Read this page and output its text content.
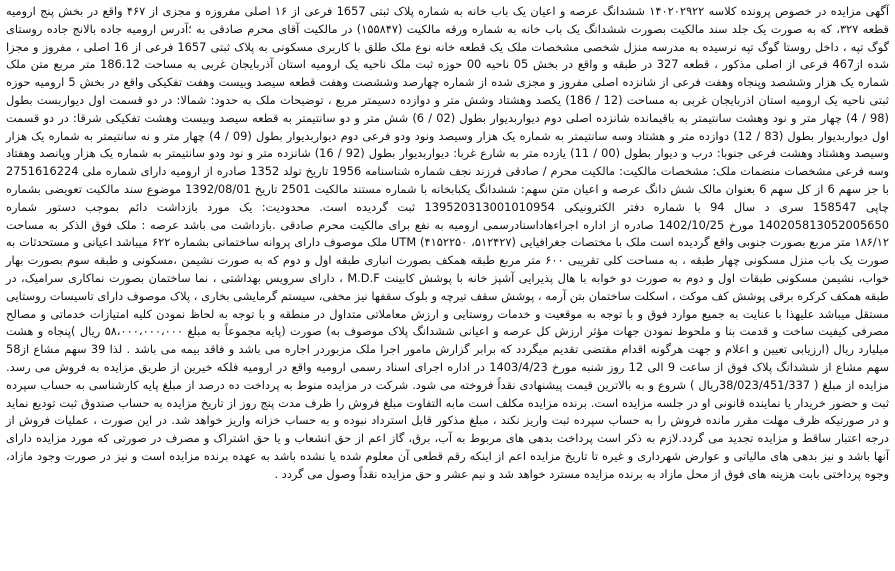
آگهی مزایده در خصوص پرونده کلاسه ۱۴۰۲۰۲۹۲۲ ششدانگ عرصه و اعیان یک باب خانه به شماره پلاک ثبتی 1657 فرعی از ۱۶ اصلی مفروزه و مجزی از ۴۶۷ واقع در بخش پنج ارومیه قطعه ۳۲۷، که به صورت یک جلد سند مالکیت بصورت ششدانگ یک باب خانه به شماره ورقه مالکیت (۱۵۵۸۴۷) در مالکیت آقای محرم صادقی به ؛آدرس ارومیه جاده بالانج جاده روستای گوگ تپه ، داخل روستا گوگ تپه نرسیده به مدرسه منزل شخصی مشخصات ملک یک قطعه خانه نوع ملک طلق با کاربری مسکونی به پلاک ثبتی 1657 فرعی از 16 اصلی ، مفروز و مجزا شده از467 فرعی از اصلی مذکور ، قطعه 327 در طبقه و واقع در بخش 05 ناحیه 00 حوزه ثبت ملک ناحیه یک ارومیه استان آذربایجان غربی به مساحت 186.12 متر مربع متن ملک شماره یک هزار وششصد وپنجاه وهفت فرعی از شانزده اصلی مفروز و مجزی شده از شماره چهارصد وششصت وهفت قطعه سیصد وبیست وهفت تفکیکی واقع در بخش 5 ارومیه حوزه ثبتی ناحیه یک ارومیه استان اذربایجان غربی به مساحت (12 / 186) یکصد وهشتاد وشش متر و دوازده دسیمتر مربع ، توضیحات ملک به حدود: شمالا: در دو قسمت اول دیواربست بطول (98 / 4) چهار متر و نود وهشت سانتیمتر به باقیمانده شانزده اصلی دوم دیواربدیوار بطول (02 / 6) شش متر و دو سانتیمتر به قطعه سیصد وبیست وهشت تفکیکی شرقا: در دو قسمت اول دیواربدیوار بطول (83 / 12) دوازده متر و هشتاد وسه سانتیمتر به شماره یک هزار وسیصد ونود ودو فرعی دوم دیواربدیوار بطول (09 / 4) چهار متر و نه سانتیمتر به شماره یک هزار وسیصد وهشتاد وهشت فرعی جنوبا: درب و دیوار بطول (00 / 11) یازده متر به شارع غربا: دیواربدیوار بطول (92 / 16) شانزده متر و نود ودو سانتیمتر به شماره یک هزار وپانصد وهفتاد وسه فرعی مشخصات منضمات ملک: مشخصات مالکیت: مالکیت محرم / صادقی فرزند نجف شماره شناسنامه 1956 تاریخ تولد 1352 صادره از ارومیه دارای شماره ملی 2751616224 با جز سهم 6 از کل سهم 6 بعنوان مالک شش دانگ عرصه و اعیان متن سهم: ششدانگ یکبابخانه با شماره مستند مالکیت 2501 تاریخ 1392/08/01 موضوع سند مالکیت تعویضی بشماره چاپی 158547 سری د سال 94 با شماره دفتر الکترونیکی 139520313001010954 ثبت گردیده است. محدودیت: یک مورد بازداشت دائم بموجب دستور شماره 140205813052005650 مورخ 1402/10/25 صادره از اداره اجراءهاداسنادرسمی ارومیه به نفع برای مالکیت محرم صادقی .بازداشت می باشد عرصه : ملک فوق الذکر به مساحت ۱۸۶/۱۲ متر مربع بصورت جنوبی واقع گردیده است ملک با مختصات جغرافیایی UTM (۴۱۵۲۲۵۰ ،۵۱۲۴۲۷) ملک موصوف دارای پروانه ساختمانی بشماره ۶۲۲ میباشد اعیانی و مستحدثات به صورت یک باب منزل مسکونی چهار طبقه ، به مساحت کلی تقریبی ۶۰۰ متر مربع طبقه همکف بصورت انباری طبقه اول و دوم که به صورت نشیمن ،مسکونی و طبقه سوم بصورت بهار خواب، نشیمن مسکونی طبقات اول و دوم به صورت دو خوابه با هال پذیرایی آشپز خانه با پوشش کابینت M.D.F ، دارای سرویس بهداشتی ، نما ساختمان بصورت نماکاری سرامیک، در طبقه همکف کرکره برقی پوشش کف موکت ، اسکلت ساختمان بتن آرمه ، پوشش سقف تیرچه و بلوک سقفها نیز مخفی، سیستم گرمایشی بخاری ، پلاک موصوف دارای تاسیسات روستایی مستقل میباشد علیهذا با عنایت به جمیع موارد فوق و با توجه به موقعیت و خدمات روستایی و ارزش معاملاتی متداول در منطقه و با توجه به لحاظ نمودن کلیه امتیازات خدماتی و مصالح مصرفی کیفیت ساخت و قدمت بنا و ملحوظ نمودن جهات مؤثر ارزش کل عرصه و اعیانی ششدانگ پلاک موصوف به) صورت (پایه مجموعاً به مبلغ ۵۸،۰۰۰،۰۰۰،۰۰۰ ریال )پنجاه و هشت میلیارد ریال (ارزیابی تعیین و اعلام و جهت هرگونه اقدام مقتضی تقدیم میگردد که برابر گزارش مامور اجرا ملک مزبوردر اجاره می باشد و فاقد بیمه می باشد . لذا 39 سهم مشاع از58 سهم مشاع از ششدانگ پلاک فوق از ساعت 9 الی 12 روز شنبه مورخ 1403/4/23 در اداره اجرای اسناد رسمی ارومیه واقع در ارومیه فلکه خیرین از طریق مزایده به فروش می رسد. مزایده از مبلغ ( 38/023/451/337ریال ) شروع و به بالاترین قیمت پیشنهادی نقداً فروخته می شود. شرکت در مزایده منوط به پرداخت ده درصد از مبلغ پایه کارشناسی به حساب سپرده ثبت و حضور خریدار یا نماینده قانونی او در جلسه مزایده است. برنده مزایده مکلف است مابه التفاوت مبلغ فروش را ظرف مدت پنج روز از تاریخ مزایده به حساب صندوق ثبت تودیع نماید و در صورتیکه ظرف مهلت مقرر مانده فروش را به حساب سپرده ثبت واریز نکند ، مبلغ مذکور قابل استرداد نبوده و به حساب خزانه واریز خواهد شد. در این صورت ، عملیات فروش از درجه اعتبار ساقط و مزایده تجدید می گردد.لازم به ذکر است پرداخت بدهی های مربوط به آب، برق، گاز اعم از حق انشعاب و یا حق اشتراک و مصرف در صورتی که مورد مزایده دارای آنها باشد و نیز بدهی های مالیاتی و عوارض شهرداری و غیره تا تاریخ مزایده اعم از اینکه رقم قطعی آن معلوم شده یا نشده باشد به عهده برنده مزایده است و نیز در صورت وجود مازاد، وجوه پرداختی بابت هزینه های فوق از محل مازاد به برنده مزایده مسترد خواهد شد و نیم عشر و حق مزایده نقداً وصول می گردد .
